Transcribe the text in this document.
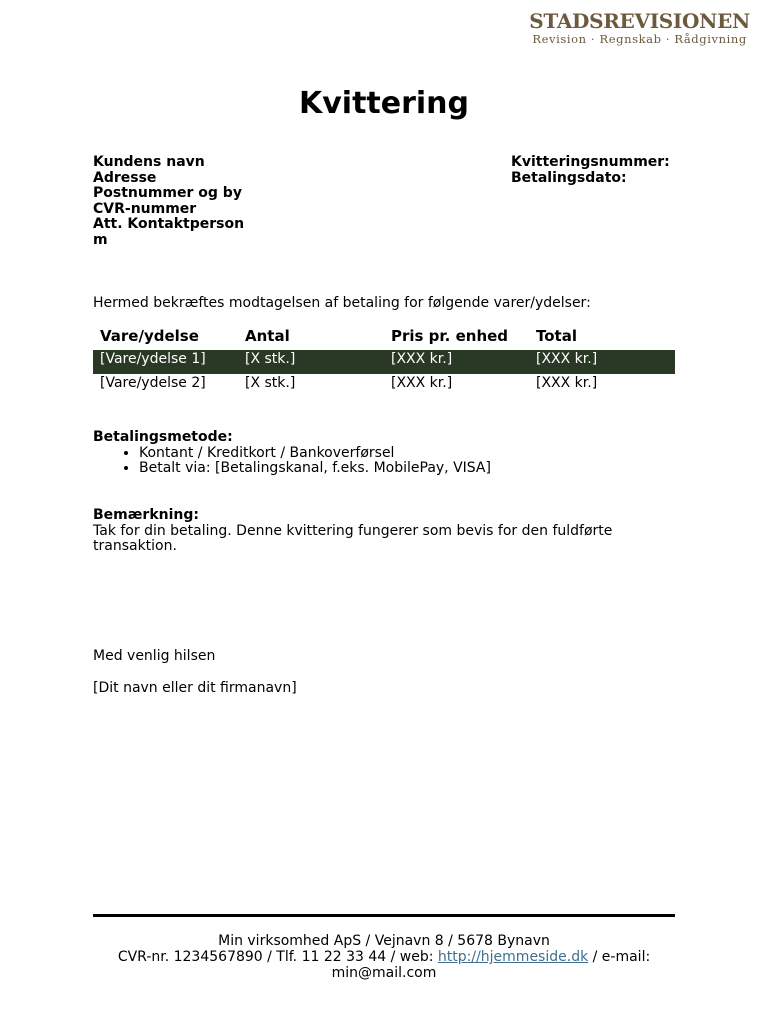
STADSREVISIONEN
Revision · Regnskab · Rådgivning
Kvittering
Kundens navn
Adresse
Postnummer og by
CVR-nummer
Att. Kontaktperson
m
Kvitteringsnummer:
Betalingsdato:
Hermed bekræftes modtagelsen af betaling for følgende varer/ydelser:
Vare/ydelse	Antal	Pris pr. enhed	Total
[Vare/ydelse 1]	[X stk.]	[XXX kr.]	[XXX kr.]
[Vare/ydelse 2]	[X stk.]	[XXX kr.]	[XXX kr.]
Betalingsmetode:
• Kontant / Kreditkort / Bankoverførsel
• Betalt via: [Betalingskanal, f.eks. MobilePay, VISA]
Bemærkning:
Tak for din betaling. Denne kvittering fungerer som bevis for den fuldførte transaktion.
Med venlig hilsen
[Dit navn eller dit firmanavn]
Min virksomhed ApS / Vejnavn 8 / 5678 Bynavn
CVR-nr. 1234567890 / Tlf. 11 22 33 44 / web: http://hjemmeside.dk / e-mail:
min@mail.com
